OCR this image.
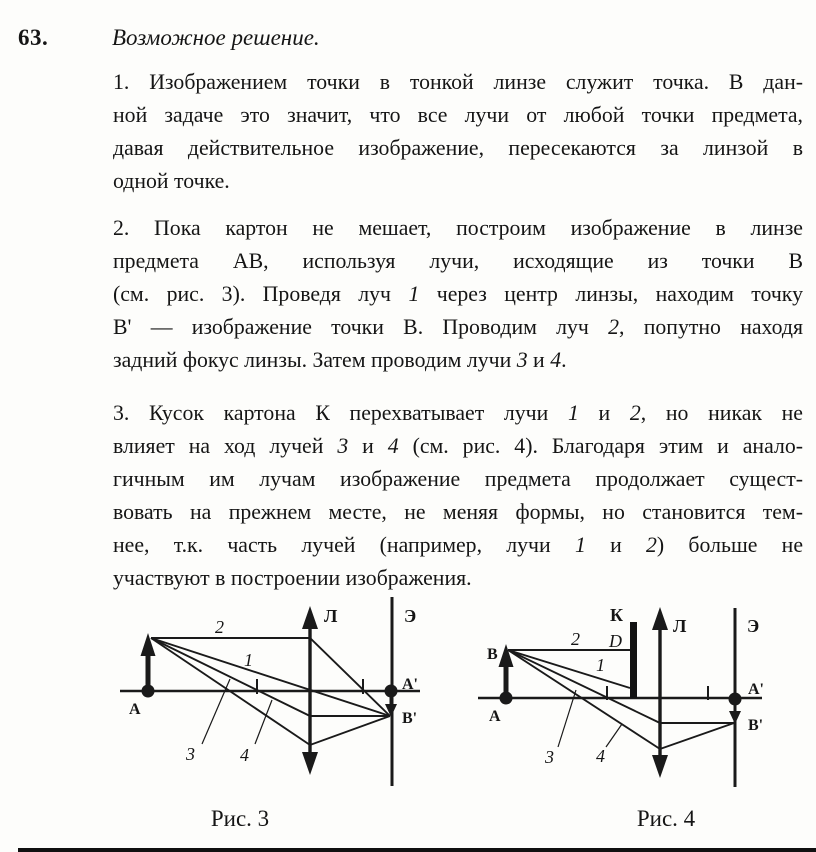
63.	Возможное решение.
1. Изображением точки в тонкой линзе служит точка. В дан-
ной задаче это значит, что все лучи от любой точки предмета,
давая действительное изображение, пересекаются за линзой в
одной точке.
2. Пока картон не мешает, построим изображение в линзе
предмета АВ, используя лучи, исходящие из точки В
(см. рис. 3). Проведя луч 1 через центр линзы, находим точку
В' — изображение точки В. Проводим луч 2, попутно находя
задний фокус линзы. Затем проводим лучи 3 и 4.
3. Кусок картона К перехватывает лучи 1 и 2, но никак не
влияет на ход лучей 3 и 4 (см. рис. 4). Благодаря этим и анало-
гичным им лучам изображение предмета продолжает сущест-
вовать на прежнем месте, не меняя формы, но становится тем-
нее, т.к. часть лучей (например, лучи 1 и 2) больше не
участвуют в построении изображения.
Л	Э
А
А'
В'
2
1
3	4
К
D
Л	Э
В
А
А'
В'
2
1
3 4
Рис. 3	Рис. 4
